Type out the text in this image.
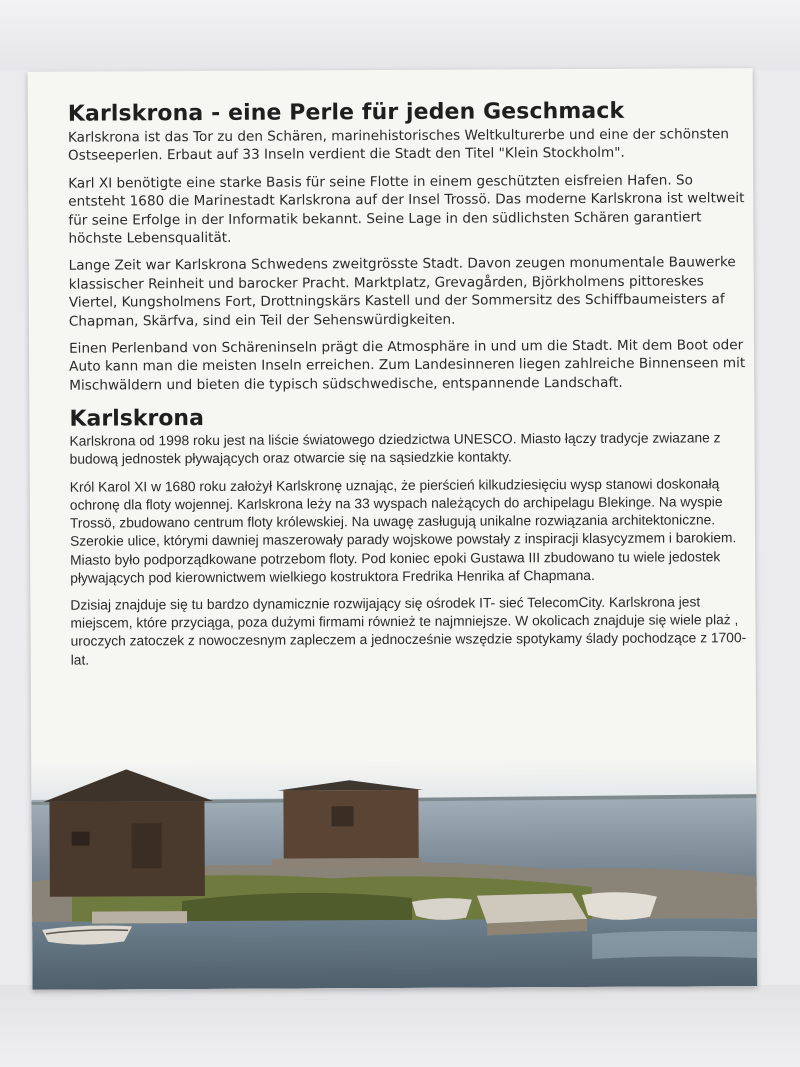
Karlskrona - eine Perle für jeden Geschmack

Karlskrona ist das Tor zu den Schären, marinehistorisches Weltkulturerbe und eine der schönsten Ostseeperlen. Erbaut auf 33 Inseln verdient die Stadt den Titel "Klein Stockholm".

Karl XI benötigte eine starke Basis für seine Flotte in einem geschützten eisfreien Hafen. So entsteht 1680 die Marinestadt Karlskrona auf der Insel Trossö. Das moderne Karlskrona ist weltweit für seine Erfolge in der Informatik bekannt. Seine Lage in den südlichsten Schären garantiert höchste Lebensqualität.

Lange Zeit war Karlskrona Schwedens zweitgrösste Stadt. Davon zeugen monumentale Bauwerke klassischer Reinheit und barocker Pracht. Marktplatz, Grevagården, Björkholmens pittoreskes Viertel, Kungsholmens Fort, Drottningskärs Kastell und der Sommersitz des Schiffbaumeisters af Chapman, Skärfva, sind ein Teil der Sehenswürdigkeiten.

Einen Perlenband von Schäreninseln prägt die Atmosphäre in und um die Stadt. Mit dem Boot oder Auto kann man die meisten Inseln erreichen. Zum Landesinneren liegen zahlreiche Binnenseen mit Mischwäldern und bieten die typisch südschwedische, entspannende Landschaft.

Karlskrona

Karlskrona od 1998 roku jest na liście światowego dziedzictwa UNESCO. Miasto łączy tradycje zwiazane z budową jednostek pływających oraz otwarcie się na sąsiedzkie kontakty.

Król Karol XI w 1680 roku założył Karlskronę uznając, że pierścień kilkudziesięciu wysp stanowi doskonałą ochronę dla floty wojennej. Karlskrona leży na 33 wyspach należących do archipelagu Blekinge. Na wyspie Trossö, zbudowano centrum floty królewskiej. Na uwagę zasługują unikalne rozwiązania architektoniczne. Szerokie ulice, którymi dawniej maszerowały parady wojskowe powstały z inspiracji klasycyzmem i barokiem. Miasto było podporządkowane potrzebom floty. Pod koniec epoki Gustawa III zbudowano tu wiele jedostek pływających pod kierownictwem wielkiego kostruktora Fredrika Henrika af Chapmana.

Dzisiaj znajduje się tu bardzo dynamicznie rozwijający się ośrodek IT- sieć TelecomCity. Karlskrona jest miejscem, które przyciąga, poza dużymi firmami również te najmniejsze. W okolicach znajduje się wiele plaż , uroczych zatoczek z nowoczesnym zapleczem a jednocześnie wszędzie spotykamy ślady pochodzące z 1700-lat.
